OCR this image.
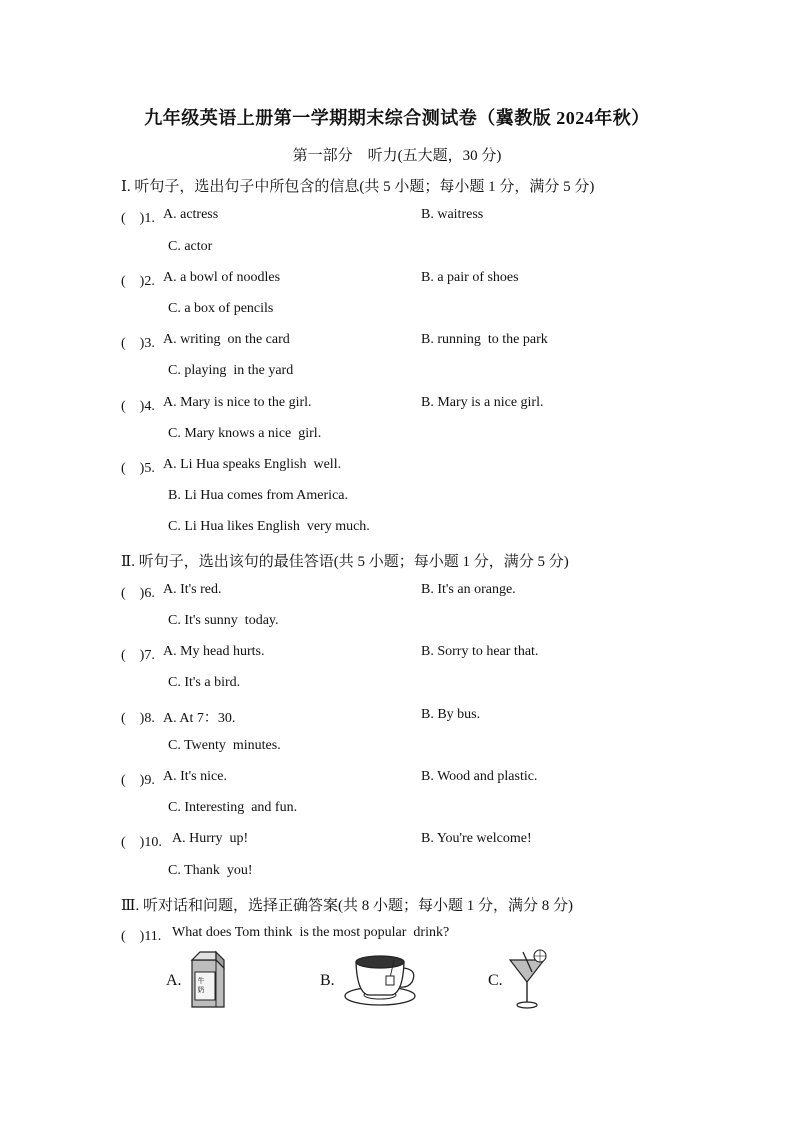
九年级英语上册第一学期期末综合测试卷（冀教版 2024年秋）
第一部分　听力(五大题，30 分)
Ⅰ. 听句子，选出句子中所包含的信息(共 5 小题；每小题 1 分，满分 5 分)
(　)1. A. actress	B. waitress
C. actor
(　)2. A. a bowl of noodles	B. a pair of shoes
C. a box of pencils
(　)3. A. writing  on the card	B. running  to the park
C. playing  in the yard
(　)4. A. Mary is nice to the girl.	B. Mary is a nice girl.
C. Mary knows a nice  girl.
(　)5. A. Li Hua speaks English  well.
B. Li Hua comes from America.
C. Li Hua likes English  very much.
Ⅱ. 听句子，选出该句的最佳答语(共 5 小题；每小题 1 分，满分 5 分)
(　)6. A. It's red.	B. It's an orange.
C. It's sunny  today.
(　)7. A. My head hurts.	B. Sorry to hear that.
C. It's a bird.
(　)8. A. At 7：30.	B. By bus.
C. Twenty  minutes.
(　)9. A. It's nice.	B. Wood and plastic.
C. Interesting  and fun.
(　)10. A. Hurry  up!	B. You're welcome!
C. Thank  you!
Ⅲ. 听对话和问题，选择正确答案(共 8 小题；每小题 1 分，满分 8 分)
(　)11. What does Tom think  is the most popular  drink?
A.	B.	C.
牛奶
